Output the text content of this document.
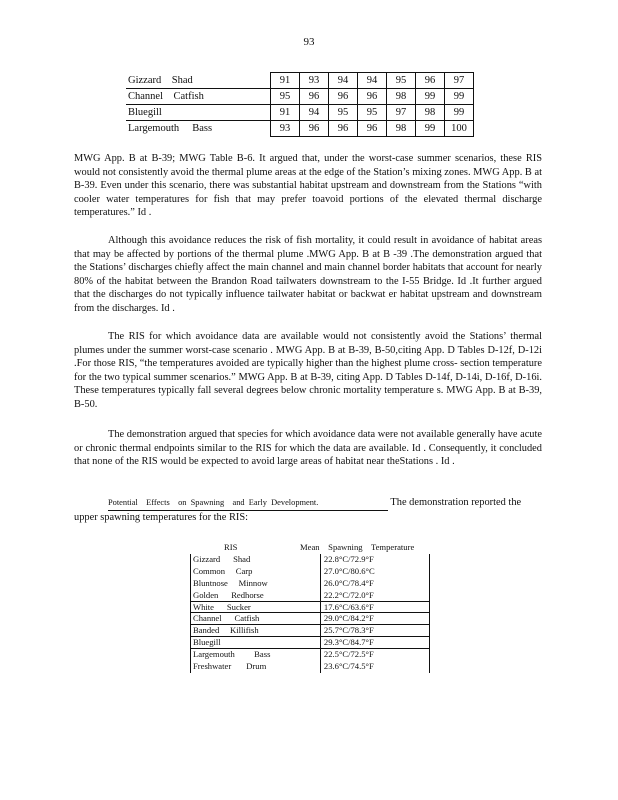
93
Gizzard    Shad	91	93	94	94	95	96	97
Channel    Catfish	95	96	96	96	98	99	99
Bluegill	91	94	95	95	97	98	99
Largemouth     Bass	93	96	96	96	98	99	100

MWG App. B at B-39; MWG Table B-6. It argued that, under the worst-case summer scenarios, these RIS would not consistently avoid the thermal plume areas at the edge of the Station’s mixing zones. MWG App. B at B-39. Even under this scenario, there was substantial habitat upstream and downstream from the Stations “with cooler water temperatures for fish that may prefer toavoid portions of the elevated thermal discharge temperatures.” Id .

Although this avoidance reduces the risk of fish mortality, it could result in avoidance of habitat areas that may be affected by portions of the thermal plume .MWG App. B at B -39 .The demonstration argued that the Stations’ discharges chiefly affect the main channel and main channel border habitats that account for nearly 80% of the habitat between the Brandon Road tailwaters downstream to the I-55 Bridge. Id .It further argued that the discharges do not typically influence tailwater habitat or backwat er habitat upstream and downstream from the discharges. Id .

The RIS for which avoidance data are available would not consistently avoid the Stations’ thermal plumes under the summer worst-case scenario . MWG App. B at B-39, B-50,citing App. D Tables D-12f, D-12i .For those RIS, “the temperatures avoided are typically higher than the highest plume cross- section temperature for the two typical summer scenarios.” MWG App. B at B-39, citing App. D Tables D-14f, D-14i, D-16f, D-16i. These temperatures typically fall several degrees below chronic mortality temperature s. MWG App. B at B-39, B-50.

The demonstration argued that species for which avoidance data were not available generally have acute or chronic thermal endpoints similar to the RIS for which the data are available. Id . Consequently, it concluded that none of the RIS would be expected to avoid large areas of habitat near theStations . Id .

Potential    Effects    on  Spawning    and  Early  Development.	The demonstration reported the

upper spawning temperatures for the RIS:

RIS	Mean    Spawning    Temperature
Gizzard      Shad	22.8°C/72.9°F
Common     Carp	27.0°C/80.6°C
Bluntnose     Minnow	26.0°C/78.4°F
Golden      Redhorse	22.2°C/72.0°F
White      Sucker	17.6°C/63.6°F
Channel      Catfish	29.0°C/84.2°F
Banded     Killifish	25.7°C/78.3°F
Bluegill	29.3°C/84.7°F
Largemouth         Bass	22.5°C/72.5°F
Freshwater       Drum	23.6°C/74.5°F
